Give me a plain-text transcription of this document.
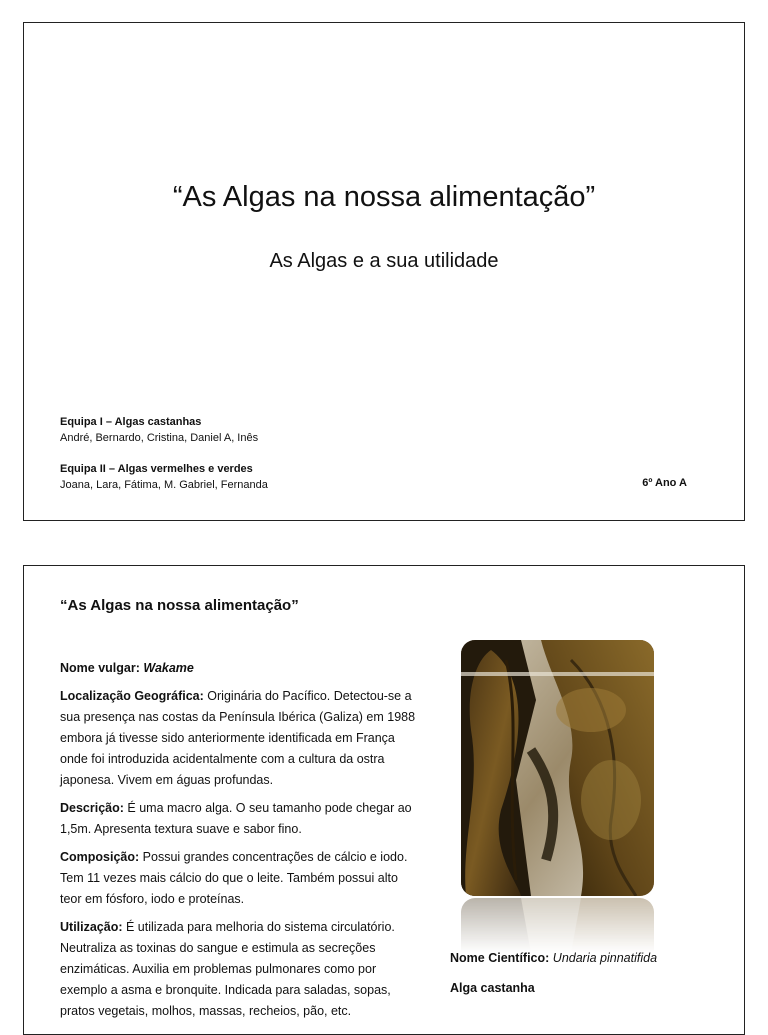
“As Algas na nossa alimentação”
As Algas e a sua utilidade
Equipa I – Algas castanhas
André, Bernardo, Cristina, Daniel A, Inês
Equipa II – Algas vermelhes e verdes
Joana, Lara, Fátima, M. Gabriel, Fernanda	6º Ano A
“As Algas na nossa alimentação”

Nome vulgar: Wakame

Localização Geográfica: Originária do Pacífico. Detectou-se a sua presença nas costas da Península Ibérica (Galiza) em 1988 embora já tivesse sido anteriormente identificada em França onde foi introduzida acidentalmente com a cultura da ostra japonesa. Vivem em águas profundas.

Descrição: É uma macro alga. O seu tamanho pode chegar ao 1,5m. Apresenta textura suave e sabor fino.

Composição: Possui grandes concentrações de cálcio e iodo. Tem 11 vezes mais cálcio do que o leite. Também possui alto teor em fósforo, iodo e proteínas.

Utilização: É utilizada para melhoria do sistema circulatório. Neutraliza as toxinas do sangue e estimula as secreções enzimáticas. Auxilia em problemas pulmonares como por exemplo a asma e bronquite. Indicada para saladas, sopas, pratos vegetais, molhos, massas, recheios, pão, etc.

Nome Científico: Undaria pinnatifida
Alga castanha
